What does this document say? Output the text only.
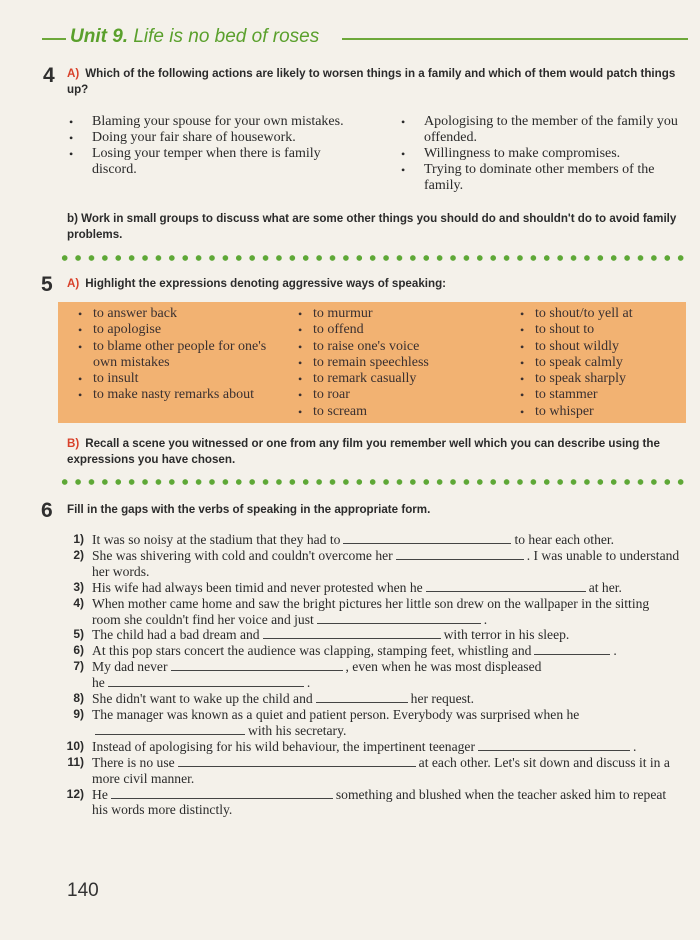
Unit 9. Life is no bed of roses
4 A) Which of the following actions are likely to worsen things in a family and which of them would patch things up?
• Blaming your spouse for your own mistakes.
• Doing your fair share of housework.
• Losing your temper when there is family discord.
• Apologising to the member of the family you offended.
• Willingness to make compromises.
• Trying to dominate other members of the family.
b) Work in small groups to discuss what are some other things you should do and shouldn't do to avoid family problems.
5 A) Highlight the expressions denoting aggressive ways of speaking:
• to answer back
• to apologise
• to blame other people for one's own mistakes
• to insult
• to make nasty remarks about
• to murmur
• to offend
• to raise one's voice
• to remain speechless
• to remark casually
• to roar
• to scream
• to shout/to yell at
• to shout to
• to shout wildly
• to speak calmly
• to speak sharply
• to stammer
• to whisper
B) Recall a scene you witnessed or one from any film you remember well which you can describe using the expressions you have chosen.
6 Fill in the gaps with the verbs of speaking in the appropriate form.
1) It was so noisy at the stadium that they had to	to hear each other.
2) She was shivering with cold and couldn't overcome her	. I was unable to understand her words.
3) His wife had always been timid and never protested when he	at her.
4) When mother came home and saw the bright pictures her little son drew on the wallpaper in the sitting room she couldn't find her voice and just	.
5) The child had a bad dream and	with terror in his sleep.
6) At this pop stars concert the audience was clapping, stamping feet, whistling and	.
7) My dad never	, even when he was most displeased
he	.
8) She didn't want to wake up the child and	her request.
9) The manager was known as a quiet and patient person. Everybody was surprised when hewith his secretary.
10) Instead of apologising for his wild behaviour, the impertinent teenager	.
11) There is no use	at each other. Let's sit down and discuss it in a more civil manner.
12) He	something and blushed when the teacher asked him to repeat his words more distinctly.
140
